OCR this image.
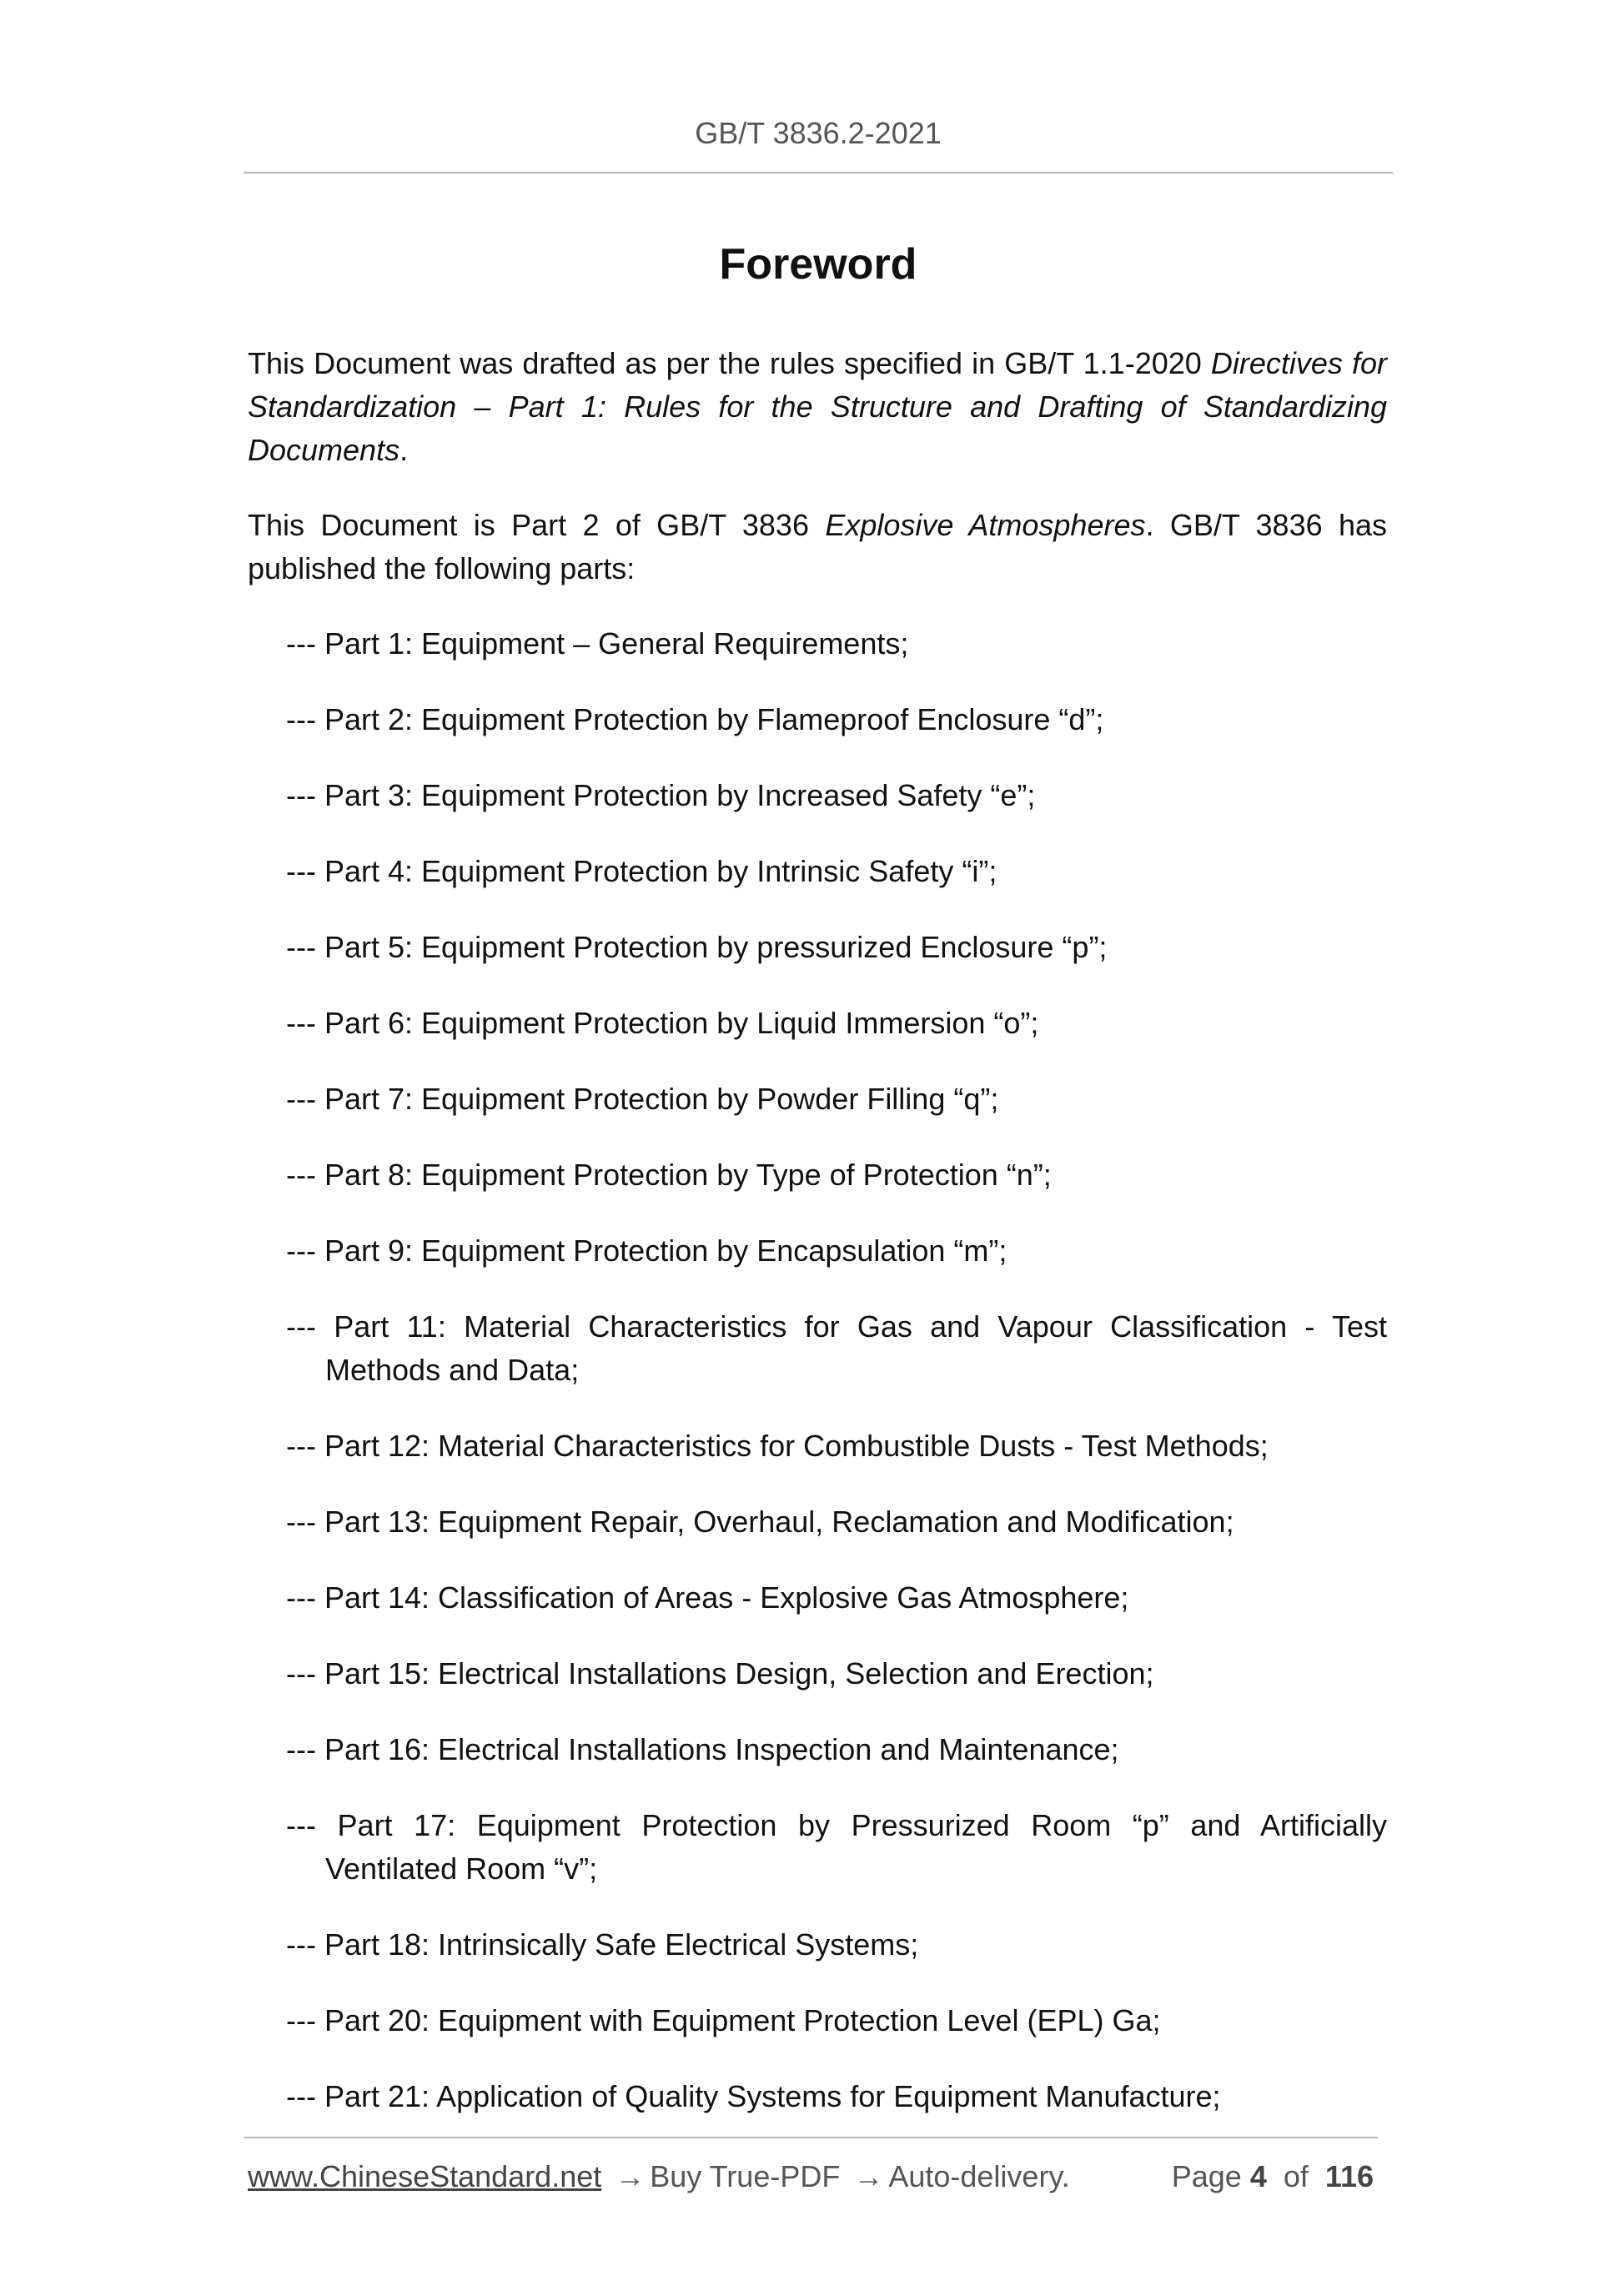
GB/T 3836.2-2021
Foreword

This Document was drafted as per the rules specified in GB/T 1.1-2020 Directives for Standardization – Part 1: Rules for the Structure and Drafting of Standardizing Documents.

This Document is Part 2 of GB/T 3836 Explosive Atmospheres. GB/T 3836 has published the following parts:

--- Part 1: Equipment – General Requirements;
--- Part 2: Equipment Protection by Flameproof Enclosure “d”;
--- Part 3: Equipment Protection by Increased Safety “e”;
--- Part 4: Equipment Protection by Intrinsic Safety “i”;
--- Part 5: Equipment Protection by pressurized Enclosure “p”;
--- Part 6: Equipment Protection by Liquid Immersion “o”;
--- Part 7: Equipment Protection by Powder Filling “q”;
--- Part 8: Equipment Protection by Type of Protection “n”;
--- Part 9: Equipment Protection by Encapsulation “m”;
--- Part 11: Material Characteristics for Gas and Vapour Classification - Test Methods and Data;
--- Part 12: Material Characteristics for Combustible Dusts - Test Methods;
--- Part 13: Equipment Repair, Overhaul, Reclamation and Modification;
--- Part 14: Classification of Areas - Explosive Gas Atmosphere;
--- Part 15: Electrical Installations Design, Selection and Erection;
--- Part 16: Electrical Installations Inspection and Maintenance;
--- Part 17: Equipment Protection by Pressurized Room “p” and Artificially Ventilated Room “v”;
--- Part 18: Intrinsically Safe Electrical Systems;
--- Part 20: Equipment with Equipment Protection Level (EPL) Ga;
--- Part 21: Application of Quality Systems for Equipment Manufacture;
www.ChineseStandard.net → Buy True-PDF → Auto-delivery.	Page 4 of 116
